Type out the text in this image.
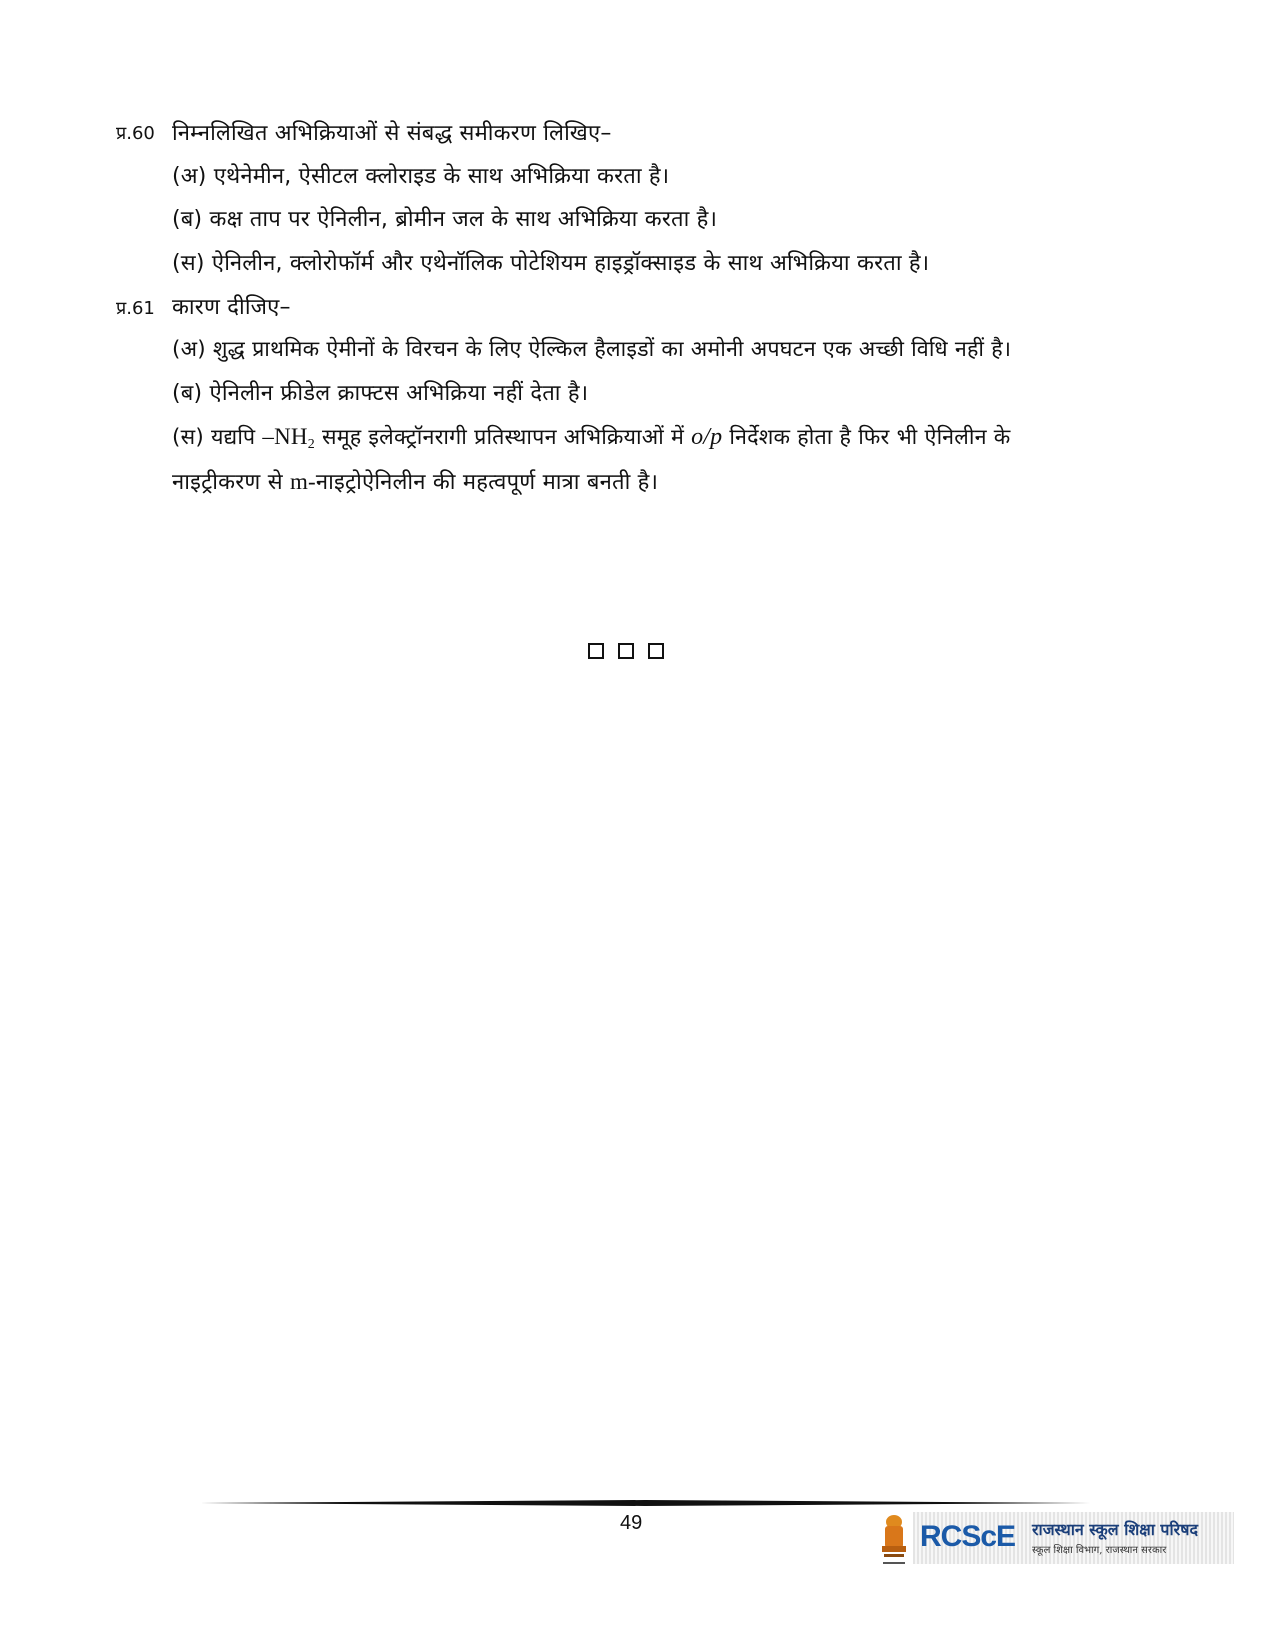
प्र.60 निम्नलिखित अभिक्रियाओं से संबद्ध समीकरण लिखिए–
(अ) एथेनेमीन, ऐसीटल क्लोराइड के साथ अभिक्रिया करता है।
(ब) कक्ष ताप पर ऐनिलीन, ब्रोमीन जल के साथ अभिक्रिया करता है।
(स) ऐनिलीन, क्लोरोफॉर्म और एथेनॉलिक पोटेशियम हाइड्रॉक्साइड के साथ अभिक्रिया करता है।
प्र.61 कारण दीजिए–
(अ) शुद्ध प्राथमिक ऐमीनों के विरचन के लिए ऐल्किल हैलाइडों का अमोनी अपघटन एक अच्छी विधि नहीं है।
(ब) ऐनिलीन फ्रीडेल क्राफ्टस अभिक्रिया नहीं देता है।
(स) यद्यपि –NH2 समूह इलेक्ट्रॉनरागी प्रतिस्थापन अभिक्रियाओं में o/p निर्देशक होता है फिर भी ऐनिलीन के
नाइट्रीकरण से m-नाइट्रोऐनिलीन की महत्वपूर्ण मात्रा बनती है।
49	RCScE राजस्थान स्कूल शिक्षा परिषद
स्कूल शिक्षा विभाग, राजस्थान सरकार
